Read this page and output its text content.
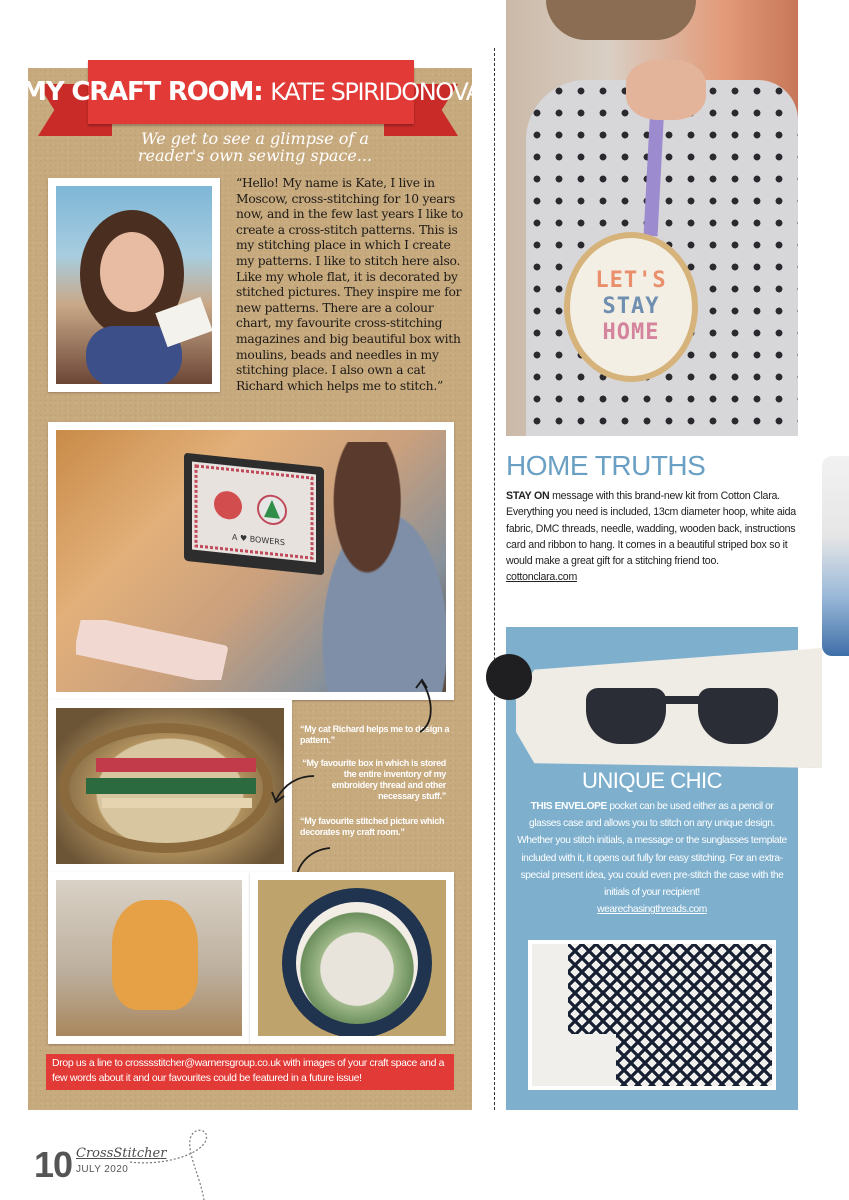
MY CRAFT ROOM: KATE SPIRIDONOVA
We get to see a glimpse of a reader's own sewing space...
“Hello! My name is Kate, I live in Moscow, cross-stitching for 10 years now, and in the few last years I like to create a cross-stitch patterns. This is my stitching place in which I create my patterns. I like to stitch here also. Like my whole flat, it is decorated by stitched pictures. They inspire me for new patterns. There are a colour chart, my favourite cross-stitching magazines and big beautiful box with moulins, beads and needles in my stitching place. I also own a cat Richard which helps me to stitch.”
A ♥ BOWERS
“My cat Richard helps me to design a pattern.”
“My favourite box in which is stored the entire inventory of my embroidery thread and other necessary stuff.”
“My favourite stitched picture which decorates my craft room.”
Drop us a line to crosssstitcher@warnersgroup.co.uk with images of your craft space and a few words about it and our favourites could be featured in a future issue!
LET'S
STAY
HOME
HOME TRUTHS
STAY ON message with this brand-new kit from Cotton Clara. Everything you need is included, 13cm diameter hoop, white aida fabric, DMC threads, needle, wadding, wooden back, instructions card and ribbon to hang. It comes in a beautiful striped box so it would make a great gift for a stitching friend too.
cottonclara.com
UNIQUE CHIC
THIS ENVELOPE pocket can be used either as a pencil or glasses case and allows you to stitch on any unique design. Whether you stitch initials, a message or the sunglasses template included with it, it opens out fully for easy stitching. For an extra-special present idea, you could even pre-stitch the case with the initials of your recipient!
wearechasingthreads.com
10 CrossStitcher
JULY 2020
